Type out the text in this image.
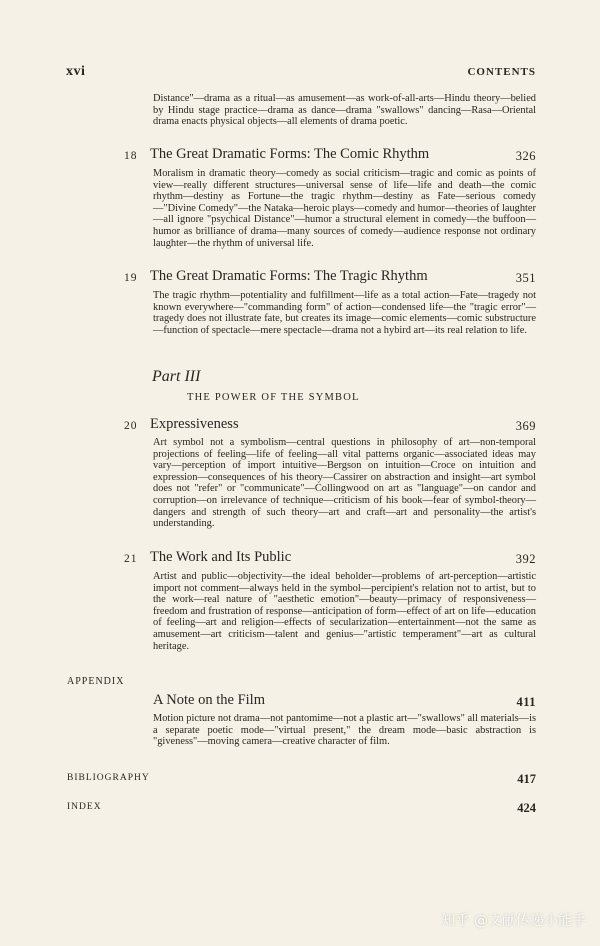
xvi	CONTENTS
Distance"—drama as a ritual—as amusement—as work-of-all-arts—Hindu theory—belied by Hindu stage practice—drama as dance—drama "swallows" dancing—Rasa—Oriental drama enacts physical objects—all elements of drama poetic.
18 The Great Dramatic Forms: The Comic Rhythm	326
Moralism in dramatic theory—comedy as social criticism—tragic and comic as points of view—really different structures—universal sense of life—life and death—the comic rhythm—destiny as Fortune—the tragic rhythm—destiny as Fate—serious comedy—"Divine Comedy"—the Nataka—heroic plays—comedy and humor—theories of laughter—all ignore "psychical Distance"—humor a structural element in comedy—the buffoon—humor as brilliance of drama—many sources of comedy—audience response not ordinary laughter—the rhythm of universal life.
19 The Great Dramatic Forms: The Tragic Rhythm	351
The tragic rhythm—potentiality and fulfillment—life as a total action—Fate—tragedy not known everywhere—"commanding form" of action—condensed life—the "tragic error"—tragedy does not illustrate fate, but creates its image—comic elements—comic substructure—function of spectacle—mere spectacle—drama not a hybird art—its real relation to life.
Part III
THE POWER OF THE SYMBOL
20 Expressiveness	369
Art symbol not a symbolism—central questions in philosophy of art—non-temporal projections of feeling—life of feeling—all vital patterns organic—associated ideas may vary—perception of import intuitive—Bergson on intuition—Croce on intuition and expression—consequences of his theory—Cassirer on abstraction and insight—art symbol does not "refer" or "communicate"—Collingwood on art as "language"—on candor and corruption—on irrelevance of technique—criticism of his book—fear of symbol-theory—dangers and strength of such theory—art and craft—art and personality—the artist's understanding.
21 The Work and Its Public	392
Artist and public—objectivity—the ideal beholder—problems of art-perception—artistic import not comment—always held in the symbol—percipient's relation not to artist, but to the work—real nature of "aesthetic emotion"—beauty—primacy of responsiveness—freedom and frustration of response—anticipation of form—effect of art on life—education of feeling—art and religion—effects of secularization—entertainment—not the same as amusement—art criticism—talent and genius—"artistic temperament"—art as cultural heritage.
APPENDIX
A Note on the Film	411
Motion picture not drama—not pantomime—not a plastic art—"swallows" all materials—is a separate poetic mode—"virtual present," the dream mode—basic abstraction is "giveness"—moving camera—creative character of film.
BIBLIOGRAPHY	417
INDEX	424
知乎 @文献传递小能手
